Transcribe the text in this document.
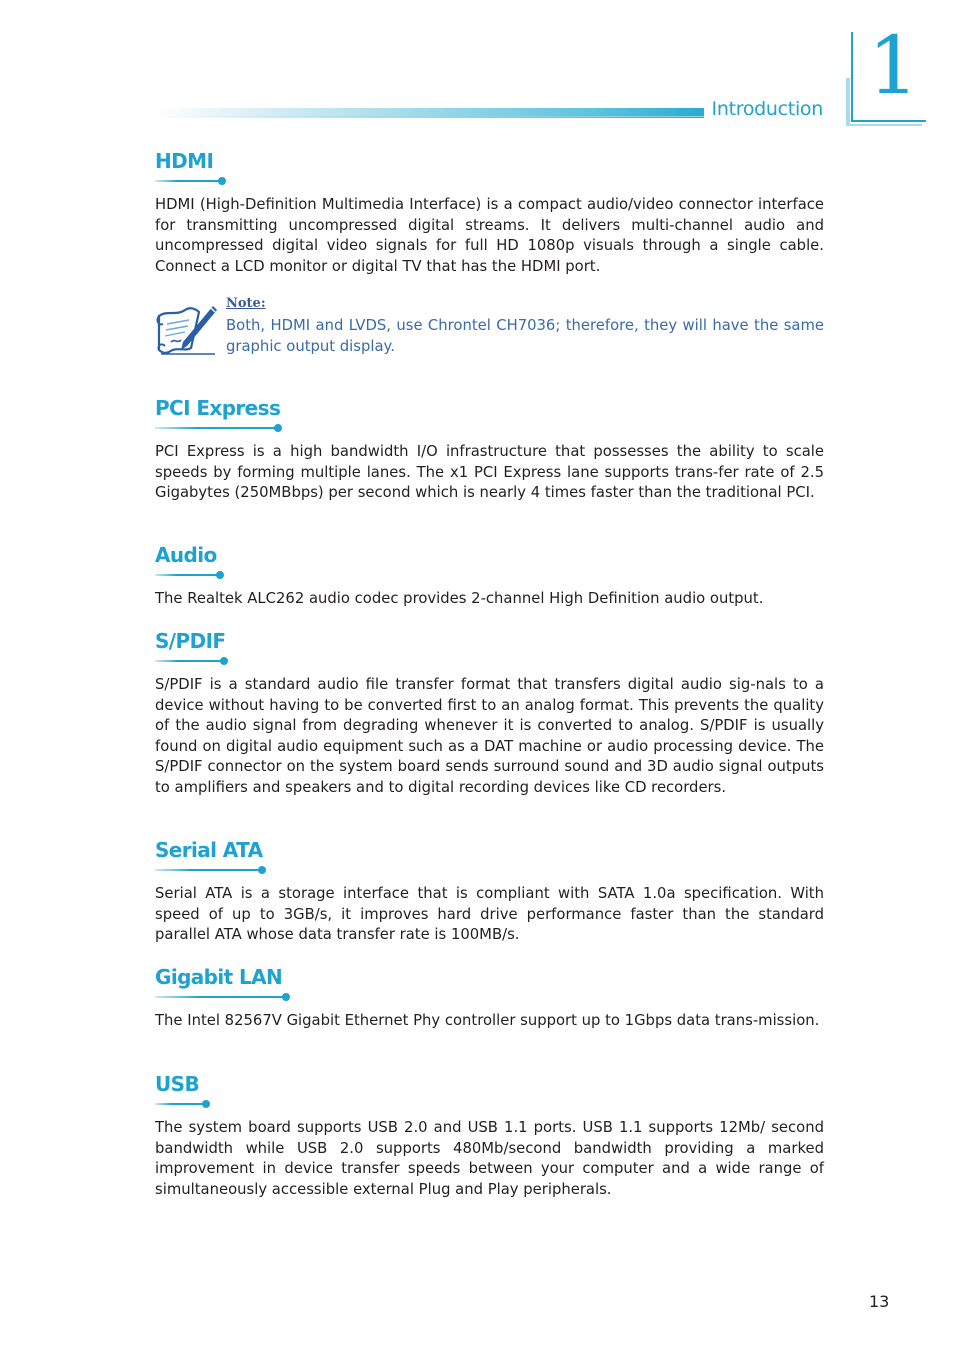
Introduction 1
HDMI

HDMI (High-Definition Multimedia Interface) is a compact audio/video connector interface for transmitting uncompressed digital streams. It delivers multi-channel audio and uncompressed digital video signals for full HD 1080p visuals through a single cable. Connect a LCD monitor or digital TV that has the HDMI port.

Note:

Both, HDMI and LVDS, use Chrontel CH7036; therefore, they will have the same graphic output display.

PCI Express

PCI Express is a high bandwidth I/O infrastructure that possesses the ability to scale speeds by forming multiple lanes. The x1 PCI Express lane supports trans-fer rate of 2.5 Gigabytes (250MBbps) per second which is nearly 4 times faster than the traditional PCI.

Audio

The Realtek ALC262 audio codec provides 2-channel High Definition audio output.

S/PDIF

S/PDIF is a standard audio file transfer format that transfers digital audio sig-nals to a device without having to be converted first to an analog format. This prevents the quality of the audio signal from degrading whenever it is converted to analog. S/PDIF is usually found on digital audio equipment such as a DAT machine or audio processing device. The S/PDIF connector on the system board sends surround sound and 3D audio signal outputs to amplifiers and speakers and to digital recording devices like CD recorders.

Serial ATA

Serial ATA is a storage interface that is compliant with SATA 1.0a specification. With speed of up to 3GB/s, it improves hard drive performance faster than the standard parallel ATA whose data transfer rate is 100MB/s.

Gigabit LAN

The Intel 82567V Gigabit Ethernet Phy controller support up to 1Gbps data trans-mission.

USB

The system board supports USB 2.0 and USB 1.1 ports. USB 1.1 supports 12Mb/ second bandwidth while USB 2.0 supports 480Mb/second bandwidth providing a marked improvement in device transfer speeds between your computer and a wide range of simultaneously accessible external Plug and Play peripherals.

13
